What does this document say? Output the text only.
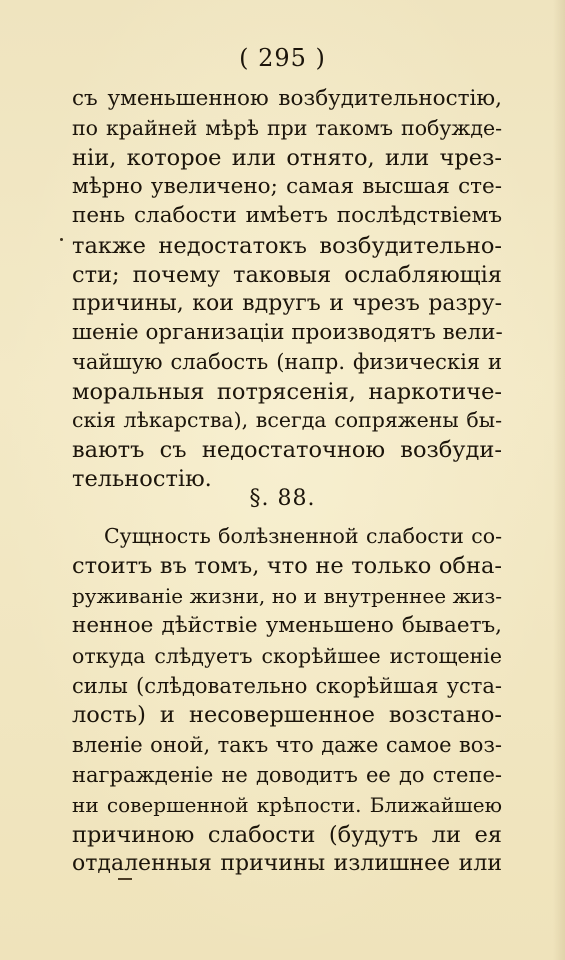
( 295 )
съ уменьшенною возбудительностію,
по крайней мѣрѣ при такомъ побужде-
ніи, которое или отнято, или чрез-
мѣрно увеличено; самая высшая сте-
пень слабости имѣетъ послѣдствіемъ
также недостатокъ возбудительно-
сти; почему таковыя ослабляющія
причины, кои вдругъ и чрезъ разру-
шеніе организаціи производятъ вели-
чайшую слабость (напр. физическія и
моральныя потрясенія, наркотиче-
скія лѣкарства), всегда сопряжены бы-
ваютъ съ недостаточною возбуди-
тельностію.
§. 88.
Сущность болѣзненной слабости со-
стоитъ въ томъ, что не только обна-
руживаніе жизни, но и внутреннее жиз-
ненное дѣйствіе уменьшено бываетъ,
откуда слѣдуетъ скорѣйшее истощеніе
силы (слѣдовательно скорѣйшая уста-
лость) и несовершенное возстано-
вленіе оной, такъ что даже самое воз-
награжденіе не доводитъ ее до степе-
ни совершенной крѣпости. Ближайшею
причиною слабости (будутъ ли ея
отдаленныя причины излишнее или
